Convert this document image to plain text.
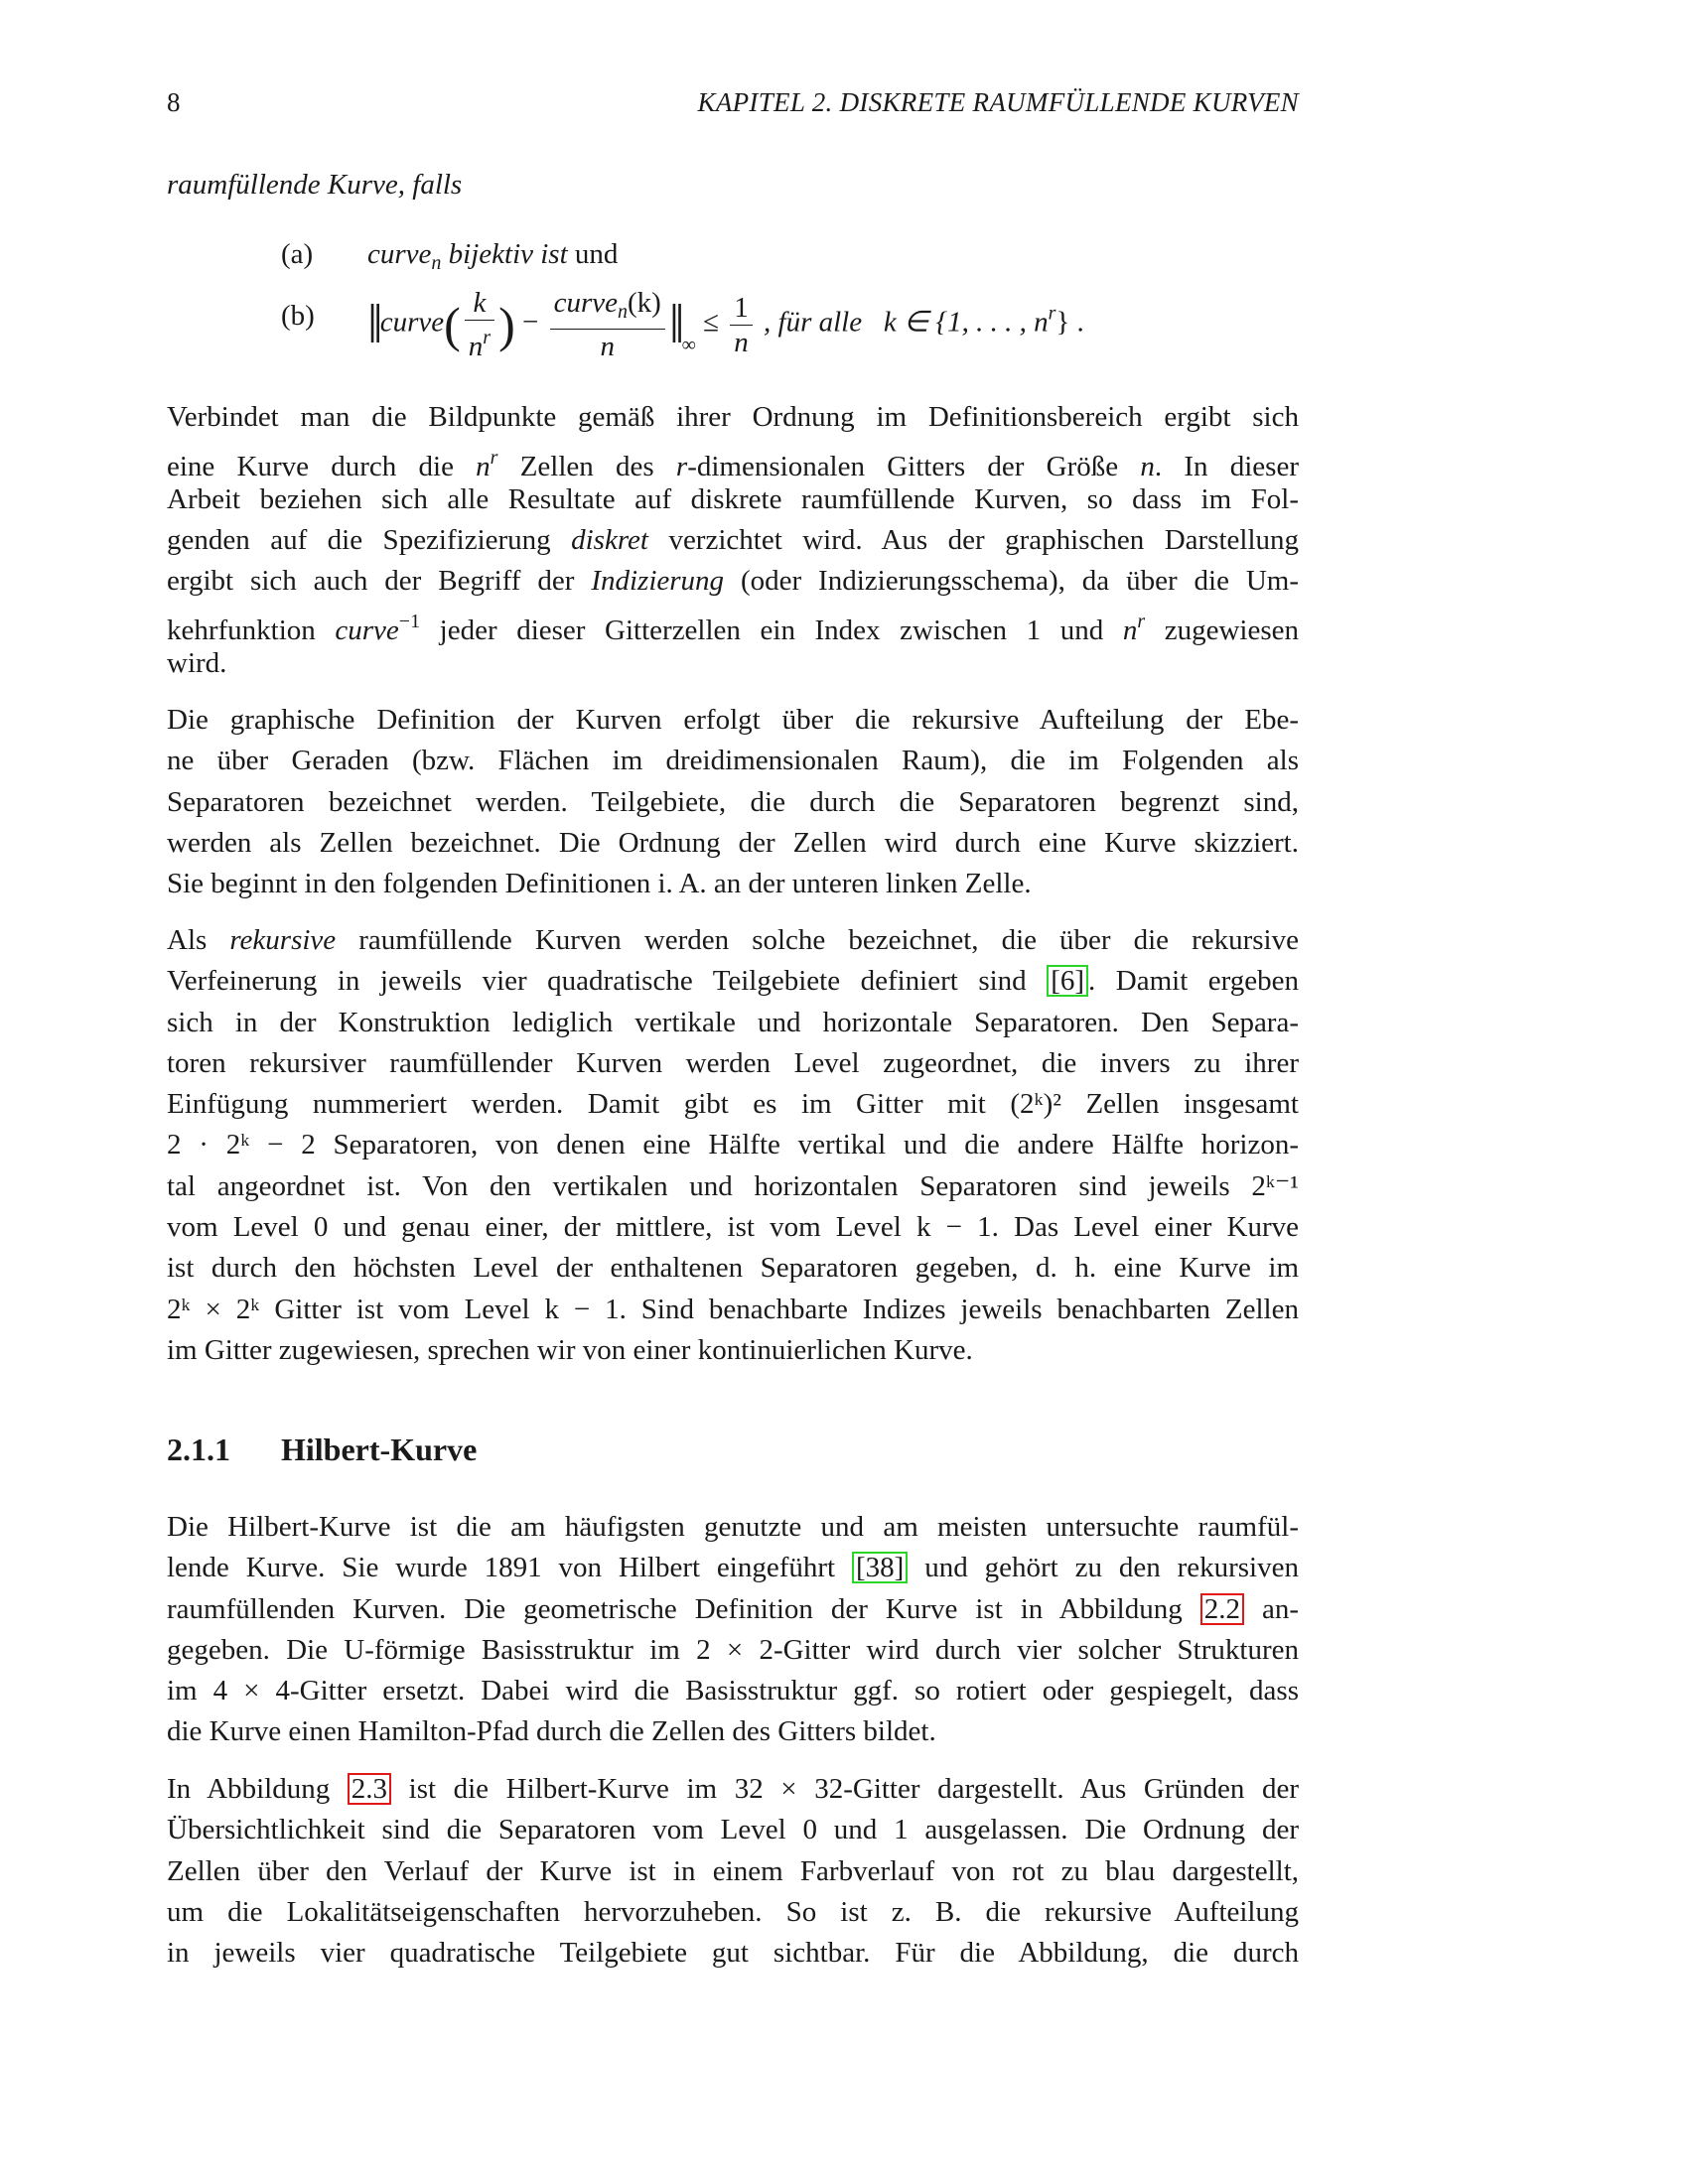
8	KAPITEL 2. DISKRETE RAUMFÜLLENDE KURVEN
raumfüllende Kurve, falls
(a) curve$_n$ bijektiv ist und
(b) ‖ curve( $\frac{k}{n^r}$ ) − $\frac{curve_n(k)}{n}$ ‖ $_\infty \le \frac{1}{n}$ , für alle k ∈ {1, . . . , $n^r$} .
Verbindet man die Bildpunkte gemäß ihrer Ordnung im Definitionsbereich ergibt sich
eine Kurve durch die $n^r$ Zellen des r-dimensionalen Gitters der Größe n. In dieser
Arbeit beziehen sich alle Resultate auf diskrete raumfüllende Kurven, so dass im Fol-
genden auf die Spezifizierung diskret verzichtet wird. Aus der graphischen Darstellung
ergibt sich auch der Begriff der Indizierung (oder Indizierungsschema), da über die Um-
kehrfunktion curve$^{-1}$ jeder dieser Gitterzellen ein Index zwischen 1 und $n^r$ zugewiesen
wird.
Die graphische Definition der Kurven erfolgt über die rekursive Aufteilung der Ebe-
ne über Geraden (bzw. Flächen im dreidimensionalen Raum), die im Folgenden als
Separatoren bezeichnet werden. Teilgebiete, die durch die Separatoren begrenzt sind,
werden als Zellen bezeichnet. Die Ordnung der Zellen wird durch eine Kurve skizziert.
Sie beginnt in den folgenden Definitionen i. A. an der unteren linken Zelle.
Als rekursive raumfüllende Kurven werden solche bezeichnet, die über die rekursive
Verfeinerung in jeweils vier quadratische Teilgebiete definiert sind [6] . Damit ergeben
sich in der Konstruktion lediglich vertikale und horizontale Separatoren. Den Separa-
toren rekursiver raumfüllender Kurven werden Level zugeordnet, die invers zu ihrer
Einfügung nummeriert werden. Damit gibt es im Gitter mit (2ᵏ)² Zellen insgesamt
2 · 2ᵏ − 2 Separatoren, von denen eine Hälfte vertikal und die andere Hälfte horizon-
tal angeordnet ist. Von den vertikalen und horizontalen Separatoren sind jeweils 2ᵏ⁻¹
vom Level 0 und genau einer, der mittlere, ist vom Level k − 1. Das Level einer Kurve
ist durch den höchsten Level der enthaltenen Separatoren gegeben, d. h. eine Kurve im
2ᵏ × 2ᵏ Gitter ist vom Level k − 1. Sind benachbarte Indizes jeweils benachbarten Zellen
im Gitter zugewiesen, sprechen wir von einer kontinuierlichen Kurve.
2.1.1 Hilbert-Kurve
Die Hilbert-Kurve ist die am häufigsten genutzte und am meisten untersuchte raumfül-
lende Kurve. Sie wurde 1891 von Hilbert eingeführt [38] und gehört zu den rekursiven
raumfüllenden Kurven. Die geometrische Definition der Kurve ist in Abbildung 2.2 an-
gegeben. Die U-förmige Basisstruktur im 2 × 2-Gitter wird durch vier solcher Strukturen
im 4 × 4-Gitter ersetzt. Dabei wird die Basisstruktur ggf. so rotiert oder gespiegelt, dass
die Kurve einen Hamilton-Pfad durch die Zellen des Gitters bildet.
In Abbildung 2.3 ist die Hilbert-Kurve im 32 × 32-Gitter dargestellt. Aus Gründen der
Übersichtlichkeit sind die Separatoren vom Level 0 und 1 ausgelassen. Die Ordnung der
Zellen über den Verlauf der Kurve ist in einem Farbverlauf von rot zu blau dargestellt,
um die Lokalitätseigenschaften hervorzuheben. So ist z. B. die rekursive Aufteilung
in jeweils vier quadratische Teilgebiete gut sichtbar. Für die Abbildung, die durch
